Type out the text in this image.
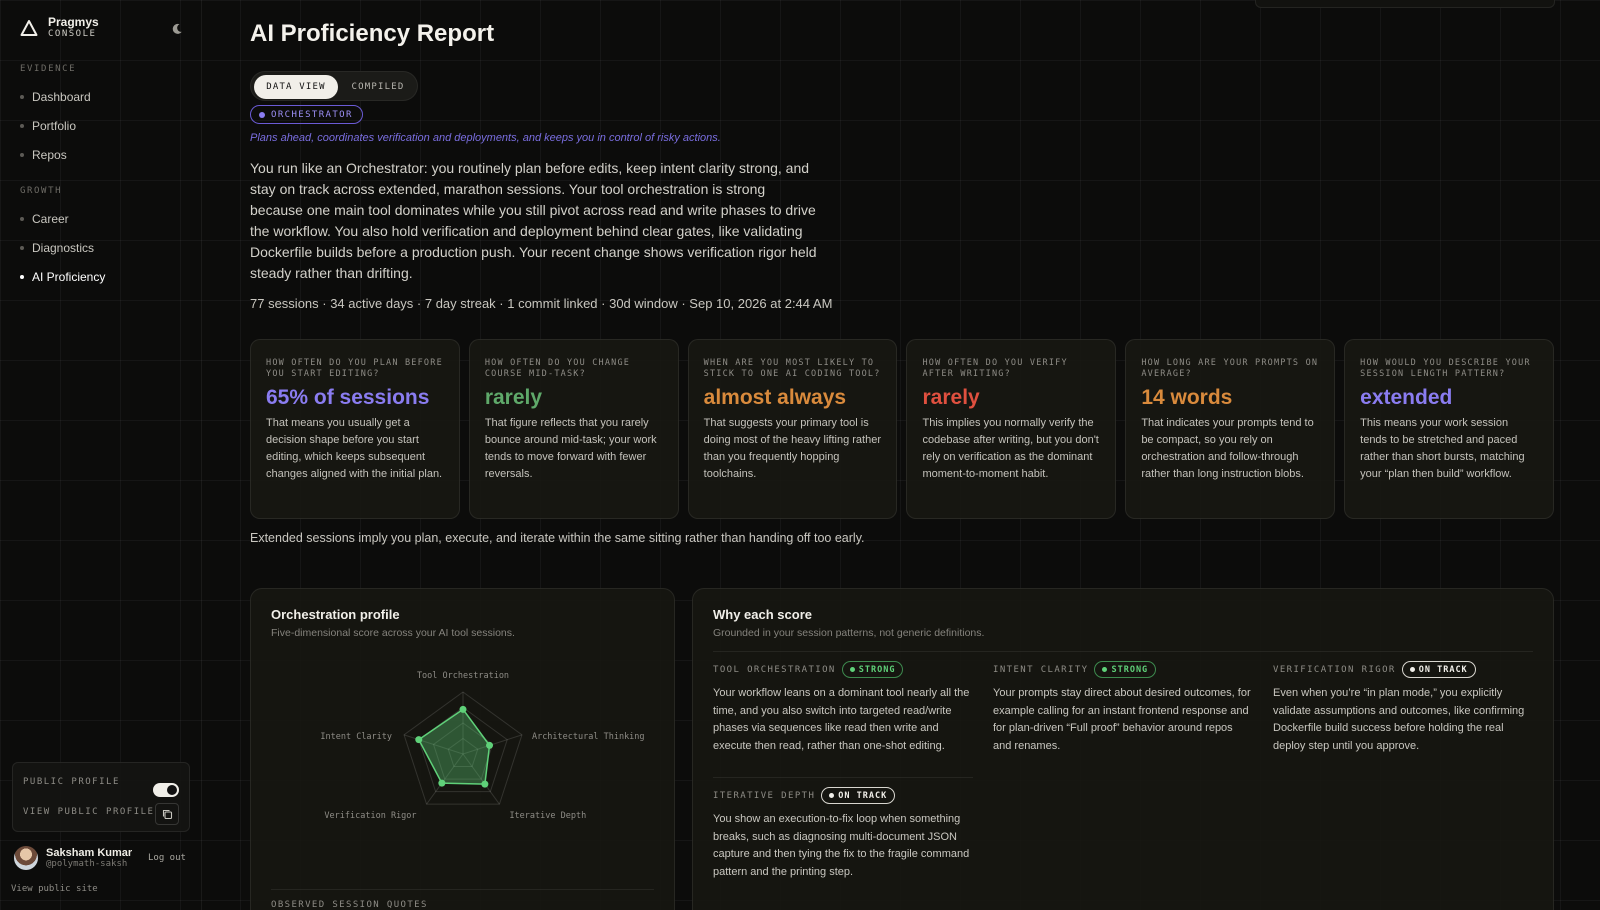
Pragmys
CONSOLE
EVIDENCE
Dashboard
Portfolio
Repos
GROWTH
Career
Diagnostics
AI Proficiency
PUBLIC PROFILE
VIEW PUBLIC PROFILE
Saksham Kumar
@polymath-saksh
Log out
View public site
AI Proficiency Report
DATA VIEW	COMPILED
ORCHESTRATOR
Plans ahead, coordinates verification and deployments, and keeps you in control of risky actions.

You run like an Orchestrator: you routinely plan before edits, keep intent clarity strong, and stay on track across extended, marathon sessions. Your tool orchestration is strong because one main tool dominates while you still pivot across read and write phases to drive the workflow. You also hold verification and deployment behind clear gates, like validating Dockerfile builds before a production push. Your recent change shows verification rigor held steady rather than drifting.

77 sessions · 34 active days · 7 day streak · 1 commit linked · 30d window · Sep 10, 2026 at 2:44 AM
HOW OFTEN DO YOU PLAN BEFORE YOU START EDITING?
65% of sessions
That means you usually get a decision shape before you start editing, which keeps subsequent changes aligned with the initial plan.
HOW OFTEN DO YOU CHANGE COURSE MID-TASK?
rarely
That figure reflects that you rarely bounce around mid-task; your work tends to move forward with fewer reversals.
WHEN ARE YOU MOST LIKELY TO STICK TO ONE AI CODING TOOL?
almost always
That suggests your primary tool is doing most of the heavy lifting rather than you frequently hopping toolchains.
HOW OFTEN DO YOU VERIFY AFTER WRITING?
rarely
This implies you normally verify the codebase after writing, but you don't rely on verification as the dominant moment-to-moment habit.
HOW LONG ARE YOUR PROMPTS ON AVERAGE?
14 words
That indicates your prompts tend to be compact, so you rely on orchestration and follow-through rather than long instruction blobs.
HOW WOULD YOU DESCRIBE YOUR SESSION LENGTH PATTERN?
extended
This means your work session tends to be stretched and paced rather than short bursts, matching your “plan then build” workflow.
Extended sessions imply you plan, execute, and iterate within the same sitting rather than handing off too early.
Orchestration profile
Five-dimensional score across your AI tool sessions.
Tool Orchestration
Architectural Thinking
Iterative Depth
Verification Rigor
Intent Clarity
OBSERVED SESSION QUOTES
Why each score
Grounded in your session patterns, not generic definitions.
TOOL ORCHESTRATION	STRONG
Your workflow leans on a dominant tool nearly all the time, and you also switch into targeted read/write phases via sequences like read then write and execute then read, rather than one-shot editing.
INTENT CLARITY	STRONG
Your prompts stay direct about desired outcomes, for example calling for an instant frontend response and for plan-driven “Full proof” behavior around repos and renames.
VERIFICATION RIGOR	ON TRACK
Even when you’re “in plan mode,” you explicitly validate assumptions and outcomes, like confirming Dockerfile build success before holding the real deploy step until you approve.
ITERATIVE DEPTH	ON TRACK
You show an execution-to-fix loop when something breaks, such as diagnosing multi-document JSON capture and then tying the fix to the fragile command pattern and the printing step.
